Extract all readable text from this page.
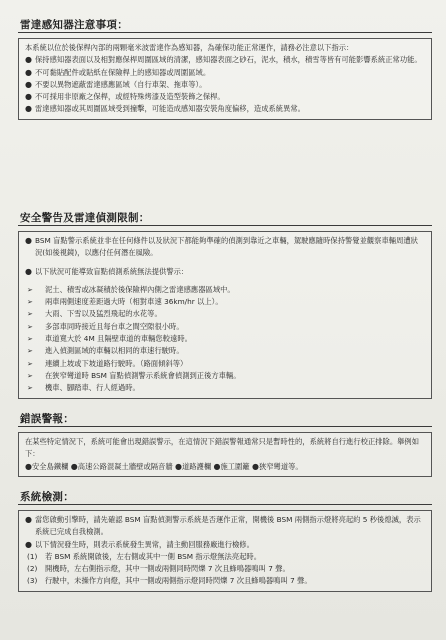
雷達感知器注意事項：

本系統以位於後保桿內部的兩顆毫米波雷達作為感知器，為確保功能正常運作，請務必注意以下指示：

● 保持感知器表面以及相對應保桿周圍區域的清潔，感知器表面之砂石，泥水，積水，積雪等皆有可能影響系統正常功能。
● 不可黏貼配件或貼紙在保險桿上的感知器或周圍區域。
● 不要以異物遮蔽雷達感應區域（自行車架、拖車等）。
● 不可採用非原廠之保桿，或經特殊烤漆及造型裝飾之保桿。
● 雷達感知器或其周圍區域受到撞擊，可能造成感知器安裝角度偏移，造成系統異常。
安全警告及雷達偵測限制：
● BSM 盲點警示系統並非在任何條件以及狀況下都能夠準確的偵測到靠近之車輛，駕駛應隨時保持警覺並觀察車輛周遭狀況(如後視鏡)，以應付任何潛在風險。
● 以下狀況可能導致盲點偵測系統無法提供警示：
➢	泥土、積雪或冰凝積於後保險桿內側之雷達感應器區域中。
➢	兩車兩側速度差距過大時（相對車速 36km/hr 以上）。
➢	大雨、下雪以及猛烈飛起的水花等。
➢	多部車同時接近且每台車之間空隙很小時。
➢	車道寬大於 4M 且隔壁車道的車輛您較遠時。
➢	進入偵測區域的車輛以相同的車速行駛時。
➢	連續上坡或下坡道路行駛時。（路面傾斜等）
➢	在狹窄彎道時 BSM 盲點偵測警示系統會偵測到正後方車輛。
➢	機車、腳踏車、行人經過時。
錯誤警報：

在某些特定情況下，系統可能會出現錯誤警示，在這情況下錯誤警報通常只是暫時性的，系統將自行進行校正排除。舉例如下：

●安全島鐵欄 ●高速公路混凝土牆壁或隔音牆 ●道路護欄 ●施工圍籬 ●狹窄彎道等。

系統檢測：
● 當您啟動引擎時，請先確認 BSM 盲點偵測警示系統是否運作正常，開機後 BSM 兩側指示燈將亮起約 5 秒後熄滅，表示系統已完成自我檢測。
● 以下情況發生時，則表示系統發生異常，請主動回服務廠進行檢修。
(1)	若 BSM 系統開啟後，左右側或其中一側 BSM 指示燈無法亮起時。
(2)	開機時，左右側指示燈，其中一側或兩側同時閃爍 7 次且蜂鳴器鳴叫 7 聲。
(3)	行駛中，未操作方向燈，其中一側或兩側指示燈同時閃爍 7 次且蜂鳴器鳴叫 7 聲。
